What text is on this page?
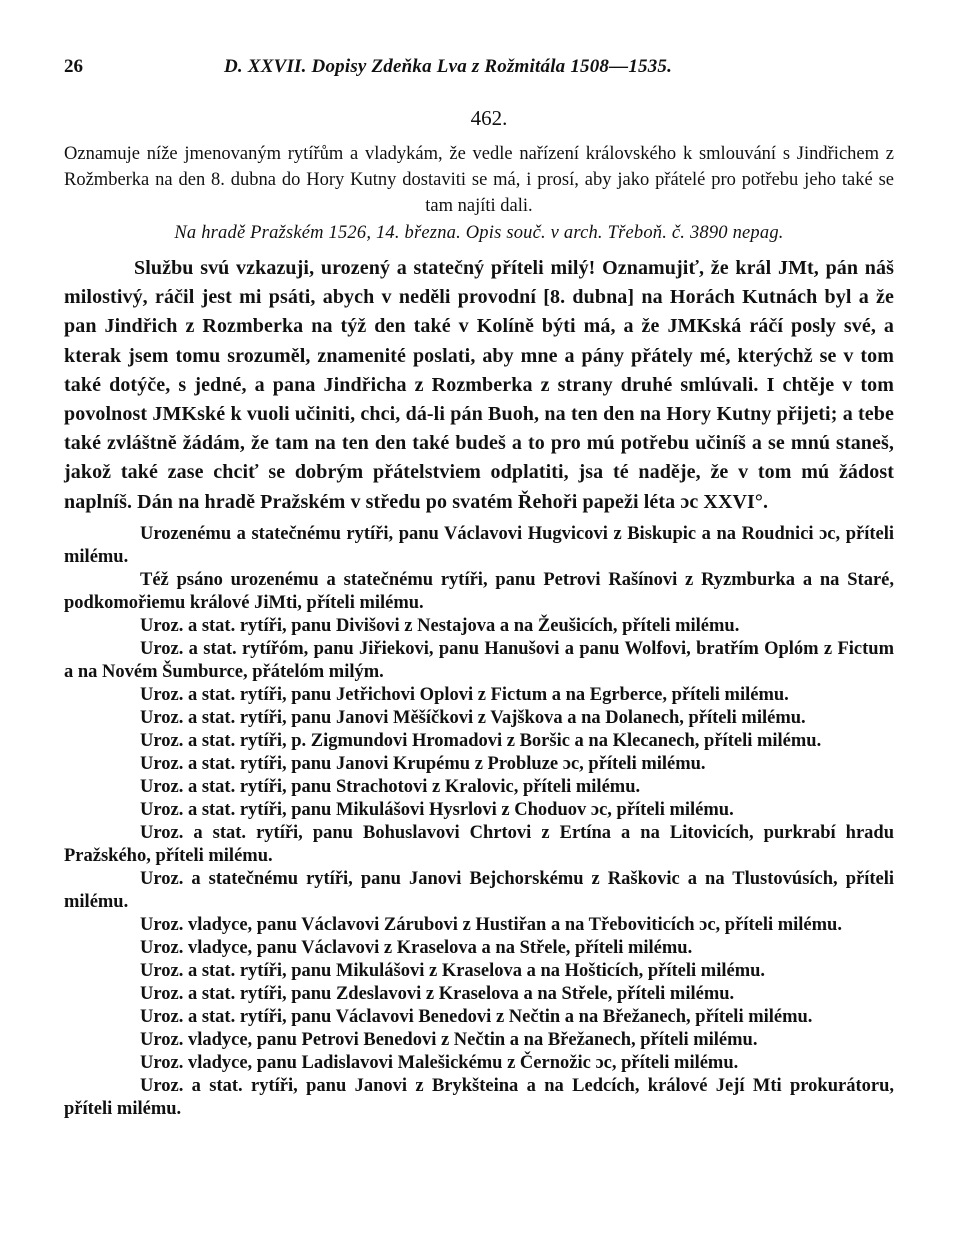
26	D. XXVII. Dopisy Zdeňka Lva z Rožmitála 1508—1535.
462.
Oznamuje níže jmenovaným rytířům a vladykám, že vedle nařízení královského k smlouvání s Jindřichem z Rožmberka na den 8. dubna do Hory Kutny dostaviti se má, i prosí, aby jako přátelé pro potřebu jeho také se tam najíti dali.
Na hradě Pražském 1526, 14. března. Opis souč. v arch. Třeboň. č. 3890 nepag.
Službu svú vzkazuji, urozený a statečný příteli milý! Oznamujiť, že král JMt, pán náš milostivý, ráčil jest mi psáti, abych v neděli provodní [8. dubna] na Horách Kutnách byl a že pan Jindřich z Rozmberka na týž den také v Kolíně býti má, a že JMKská ráčí posly své, a kterak jsem tomu srozuměl, znamenité poslati, aby mne a pány přátely mé, kterýchž se v tom také dotýče, s jedné, a pana Jindřicha z Rozmberka z strany druhé smlúvali. I chtěje v tom povolnost JMKské k vuoli učiniti, chci, dá-li pán Buoh, na ten den na Hory Kutny přijeti; a tebe také zvláštně žádám, že tam na ten den také budeš a to pro mú potřebu učiníš a se mnú staneš, jakož také zase chciť se dobrým přátelstviem odplatiti, jsa té naděje, že v tom mú žádost naplníš. Dán na hradě Pražském v středu po svatém Řehoři papeži léta ɔc XXVI°.

Urozenému a statečnému rytíři, panu Václavovi Hugvicovi z Biskupic a na Roudnici ɔc, příteli milému.

Též psáno urozenému a statečnému rytíři, panu Petrovi Rašínovi z Ryzmburka a na Staré, podkomořiemu králové JiMti, příteli milému.

Uroz. a stat. rytíři, panu Divišovi z Nestajova a na Žeušicích, příteli milému.

Uroz. a stat. rytířóm, panu Jiřiekovi, panu Hanušovi a panu Wolfovi, bratřím Oplóm z Fictum a na Novém Šumburce, přátelóm milým.

Uroz. a stat. rytíři, panu Jetřichovi Oplovi z Fictum a na Egrberce, příteli milému.

Uroz. a stat. rytíři, panu Janovi Měšíčkovi z Vajškova a na Dolanech, příteli milému.

Uroz. a stat. rytíři, p. Zigmundovi Hromadovi z Boršic a na Klecanech, příteli milému.

Uroz. a stat. rytíři, panu Janovi Krupému z Probluze ɔc, příteli milému.

Uroz. a stat. rytíři, panu Strachotovi z Kralovic, příteli milému.

Uroz. a stat. rytíři, panu Mikulášovi Hysrlovi z Choduov ɔc, příteli milému.

Uroz. a stat. rytíři, panu Bohuslavovi Chrtovi z Ertína a na Litovicích, purkrabí hradu Pražského, příteli milému.

Uroz. a statečnému rytíři, panu Janovi Bejchorskému z Raškovic a na Tlustovúsích, příteli milému.

Uroz. vladyce, panu Václavovi Zárubovi z Hustiřan a na Třeboviticích ɔc, příteli milému.

Uroz. vladyce, panu Václavovi z Kraselova a na Střele, příteli milému.

Uroz. a stat. rytíři, panu Mikulášovi z Kraselova a na Hošticích, příteli milému.

Uroz. a stat. rytíři, panu Zdeslavovi z Kraselova a na Střele, příteli milému.

Uroz. a stat. rytíři, panu Václavovi Benedovi z Nečtin a na Břežanech, příteli milému.

Uroz. vladyce, panu Petrovi Benedovi z Nečtin a na Břežanech, příteli milému.

Uroz. vladyce, panu Ladislavovi Malešickému z Černožic ɔc, příteli milému.

Uroz. a stat. rytíři, panu Janovi z Brykšteina a na Ledcích, králové Její Mti prokurátoru, příteli milému.
